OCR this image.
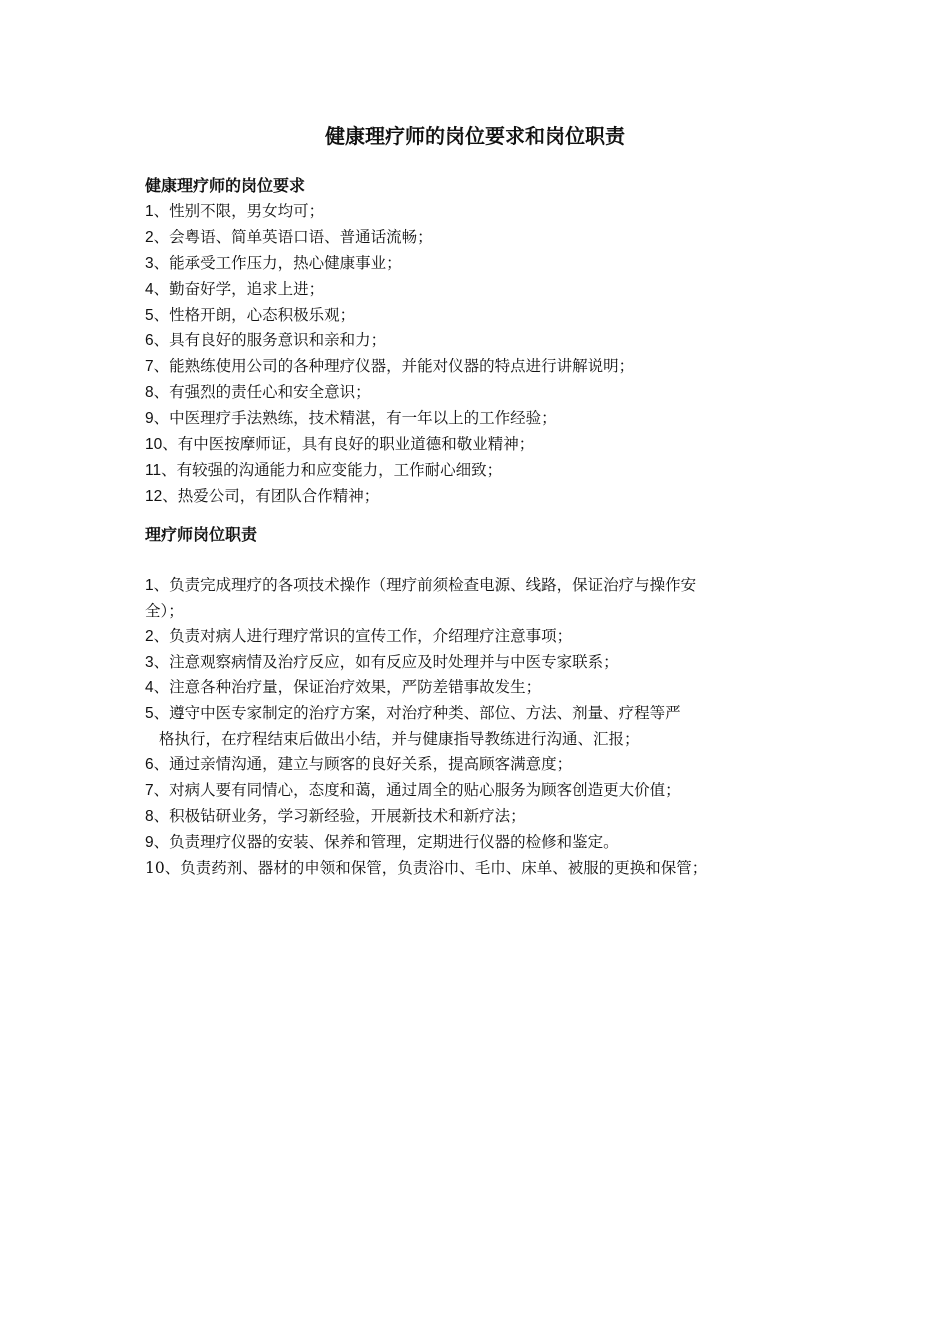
健康理疗师的岗位要求和岗位职责
健康理疗师的岗位要求
1、性别不限，男女均可；
2、会粤语、简单英语口语、普通话流畅；
3、能承受工作压力，热心健康事业；
4、勤奋好学，追求上进；
5、性格开朗，心态积极乐观；
6、具有良好的服务意识和亲和力；
7、能熟练使用公司的各种理疗仪器，并能对仪器的特点进行讲解说明；
8、有强烈的责任心和安全意识；
9、中医理疗手法熟练，技术精湛，有一年以上的工作经验；
10、有中医按摩师证，具有良好的职业道德和敬业精神；
11、有较强的沟通能力和应变能力，工作耐心细致；
12、热爱公司，有团队合作精神；
理疗师岗位职责
1、负责完成理疗的各项技术操作（理疗前须检查电源、线路，保证治疗与操作安
全）；
2、负责对病人进行理疗常识的宣传工作，介绍理疗注意事项；
3、注意观察病情及治疗反应，如有反应及时处理并与中医专家联系；
4、注意各种治疗量，保证治疗效果，严防差错事故发生；
5、遵守中医专家制定的治疗方案，对治疗种类、部位、方法、剂量、疗程等严
格执行，在疗程结束后做出小结，并与健康指导教练进行沟通、汇报；
6、通过亲情沟通，建立与顾客的良好关系，提高顾客满意度；
7、对病人要有同情心，态度和蔼，通过周全的贴心服务为顾客创造更大价值；
8、积极钻研业务，学习新经验，开展新技术和新疗法；
9、负责理疗仪器的安装、保养和管理，定期进行仪器的检修和鉴定。
10、负责药剂、器材的申领和保管，负责浴巾、毛巾、床单、被服的更换和保管；
